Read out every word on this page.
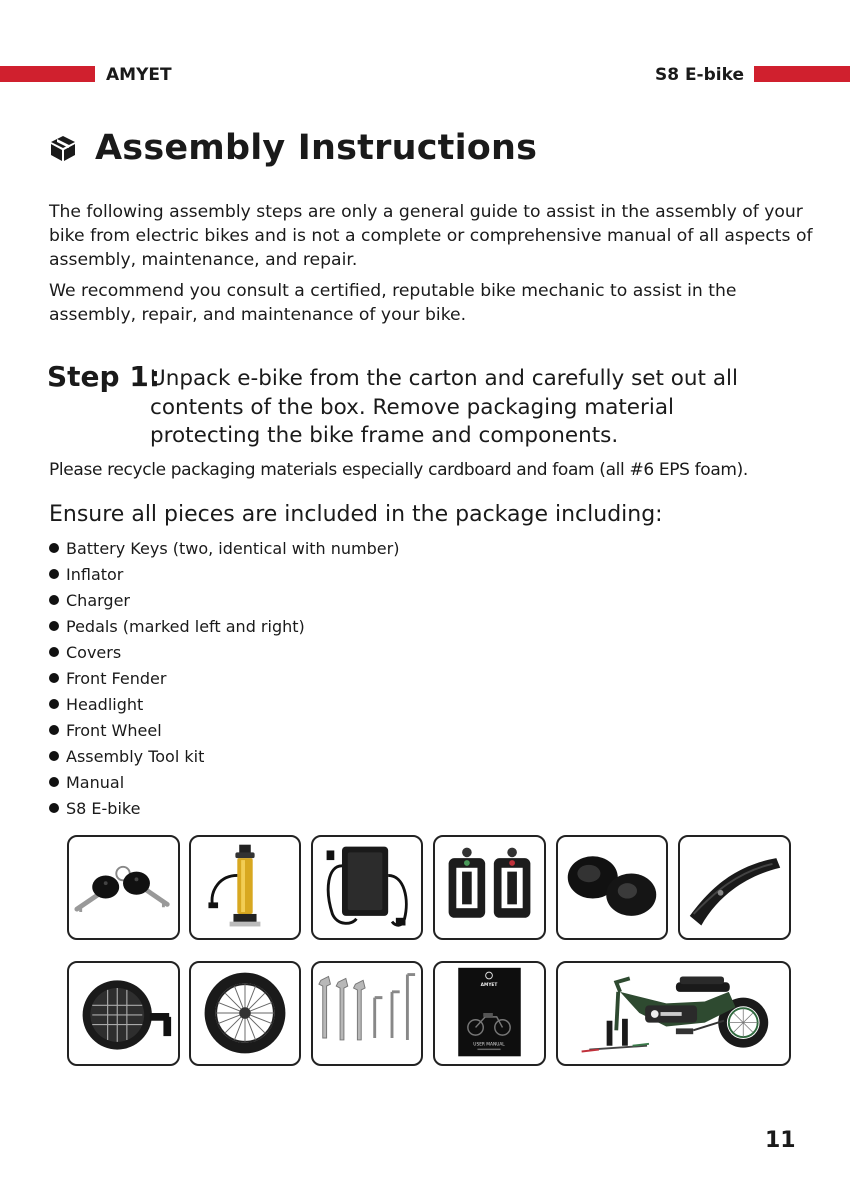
AMYET	S8 E-bike
Assembly Instructions

The following assembly steps are only a general guide to assist in the assembly of your bike from electric bikes and is not a complete or comprehensive manual of all aspects of assembly, maintenance, and repair.

We recommend you consult a certified, reputable bike mechanic to assist in the assembly, repair, and maintenance of your bike.

Step 1:
Unpack e-bike from the carton and carefully set out all
contents of the box. Remove packaging material
protecting the bike frame and components.
Please recycle packaging materials especially cardboard and foam (all #6 EPS foam).
Ensure all pieces are included in the package including:
Battery Keys (two, identical with number)
Inflator
Charger
Pedals (marked left and right)
Covers
Front Fender
Headlight
Front Wheel
Assembly Tool kit
Manual
S8 E-bike
AMYET
USER MANUAL
11
